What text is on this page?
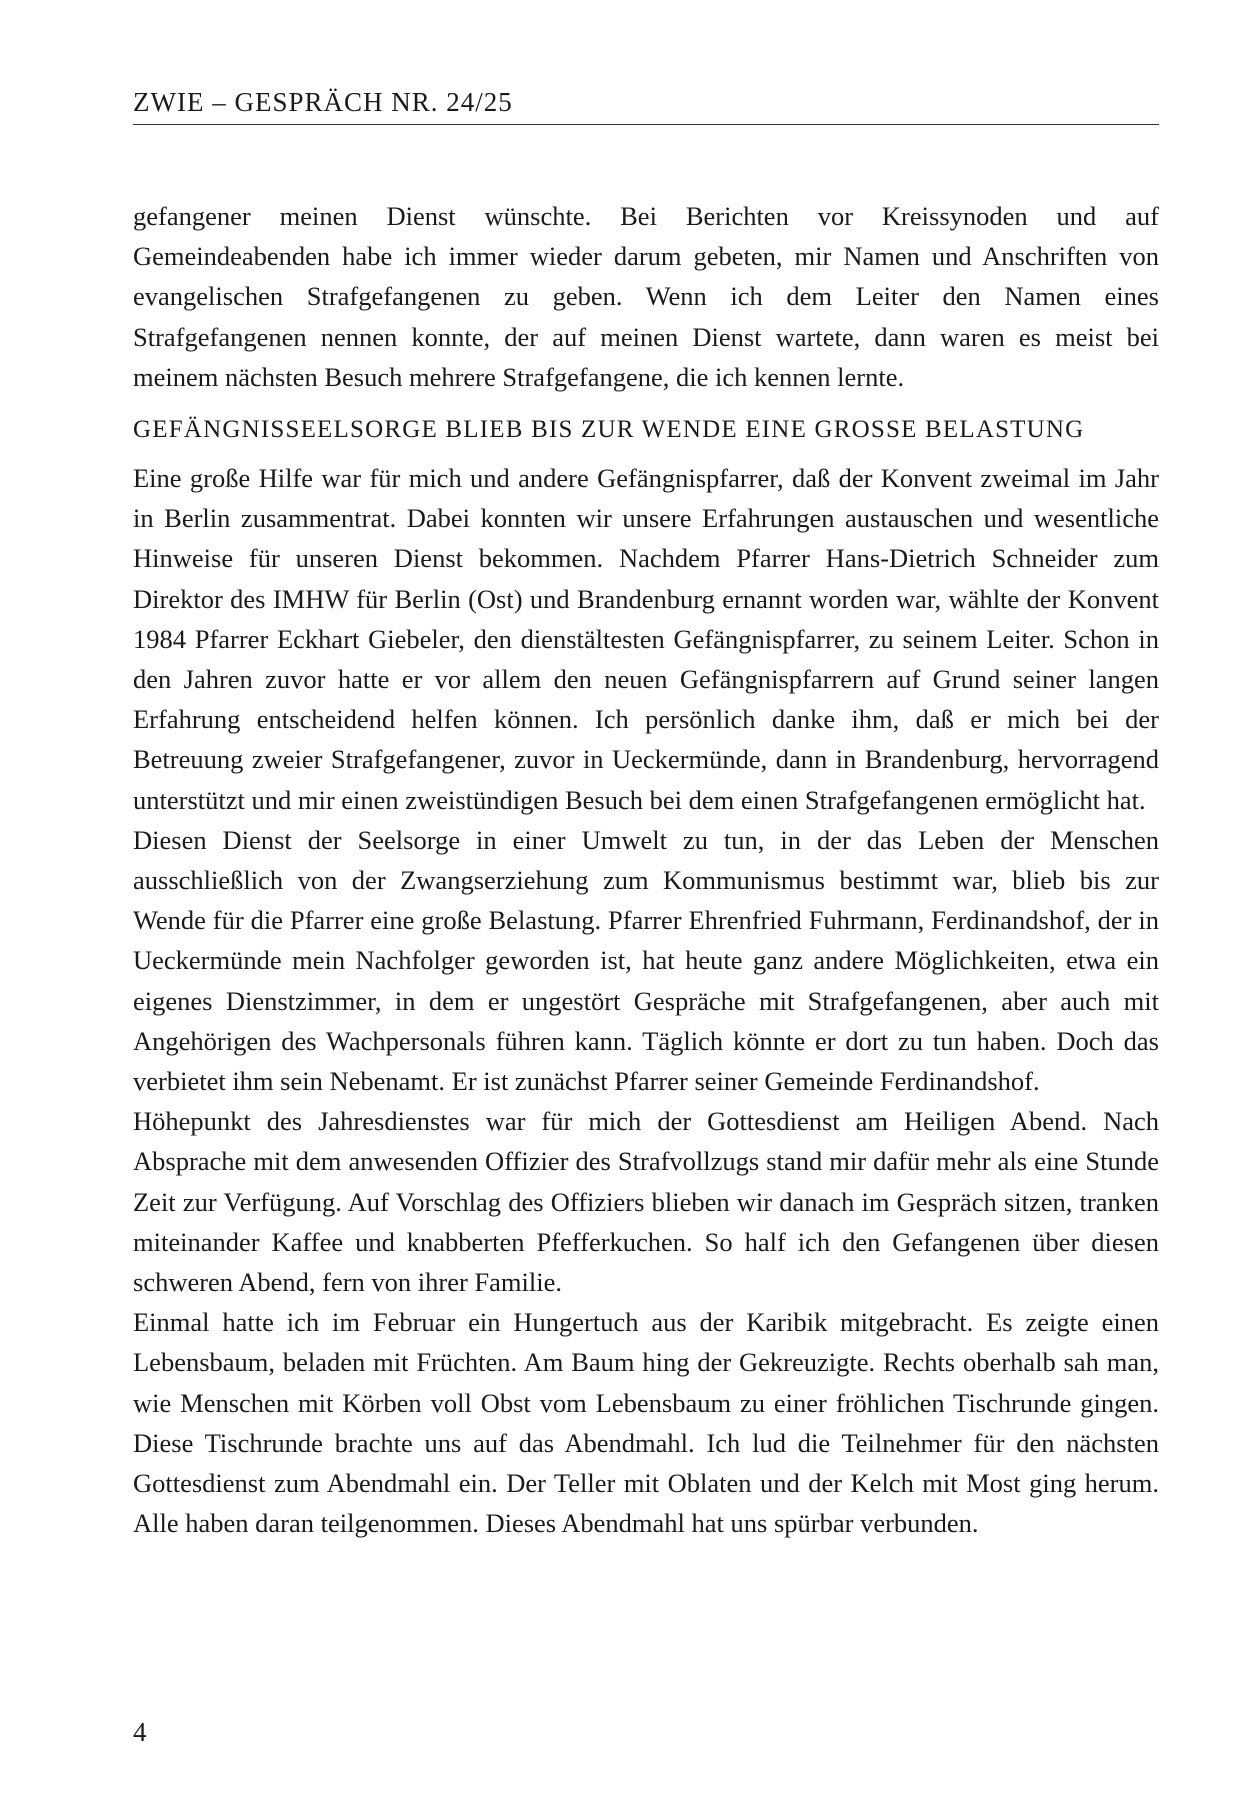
ZWIE – GESPRÄCH NR. 24/25

gefangener meinen Dienst wünschte. Bei Berichten vor Kreissynoden und auf Gemeindeabenden habe ich immer wieder darum gebeten, mir Namen und Anschriften von evangelischen Strafgefangenen zu geben. Wenn ich dem Leiter den Namen eines Strafgefangenen nennen konnte, der auf meinen Dienst wartete, dann waren es meist bei meinem nächsten Besuch mehrere Strafgefangene, die ich kennen lernte.

GEFÄNGNISSEELSORGE BLIEB BIS ZUR WENDE EINE GROSSE BELASTUNG

Eine große Hilfe war für mich und andere Gefängnispfarrer, daß der Konvent zweimal im Jahr in Berlin zusammentrat. Dabei konnten wir unsere Erfahrungen austauschen und wesentliche Hinweise für unseren Dienst bekommen. Nachdem Pfarrer Hans-Dietrich Schneider zum Direktor des IMHW für Berlin (Ost) und Brandenburg ernannt worden war, wählte der Konvent 1984 Pfarrer Eckhart Giebeler, den dienstältesten Gefängnispfarrer, zu seinem Leiter. Schon in den Jahren zuvor hatte er vor allem den neuen Gefängnispfarrern auf Grund seiner langen Erfahrung entscheidend helfen können. Ich persönlich danke ihm, daß er mich bei der Betreuung zweier Strafgefangener, zuvor in Ueckermünde, dann in Brandenburg, hervorragend unterstützt und mir einen zweistündigen Besuch bei dem einen Strafgefangenen ermöglicht hat.

Diesen Dienst der Seelsorge in einer Umwelt zu tun, in der das Leben der Menschen ausschließlich von der Zwangserziehung zum Kommunismus bestimmt war, blieb bis zur Wende für die Pfarrer eine große Belastung. Pfarrer Ehrenfried Fuhrmann, Ferdinandshof, der in Ueckermünde mein Nachfolger geworden ist, hat heute ganz andere Möglichkeiten, etwa ein eigenes Dienstzimmer, in dem er ungestört Gespräche mit Strafgefangenen, aber auch mit Angehörigen des Wachpersonals führen kann. Täglich könnte er dort zu tun haben. Doch das verbietet ihm sein Nebenamt. Er ist zunächst Pfarrer seiner Gemeinde Ferdinandshof.

Höhepunkt des Jahresdienstes war für mich der Gottesdienst am Heiligen Abend. Nach Absprache mit dem anwesenden Offizier des Strafvollzugs stand mir dafür mehr als eine Stunde Zeit zur Verfügung. Auf Vorschlag des Offiziers blieben wir danach im Gespräch sitzen, tranken miteinander Kaffee und knabberten Pfefferkuchen. So half ich den Gefangenen über diesen schweren Abend, fern von ihrer Familie.

Einmal hatte ich im Februar ein Hungertuch aus der Karibik mitgebracht. Es zeigte einen Lebensbaum, beladen mit Früchten. Am Baum hing der Gekreuzigte. Rechts oberhalb sah man, wie Menschen mit Körben voll Obst vom Lebensbaum zu einer fröhlichen Tischrunde gingen. Diese Tischrunde brachte uns auf das Abendmahl. Ich lud die Teilnehmer für den nächsten Gottesdienst zum Abendmahl ein. Der Teller mit Oblaten und der Kelch mit Most ging herum. Alle haben daran teilgenommen. Dieses Abendmahl hat uns spürbar verbunden.

4
